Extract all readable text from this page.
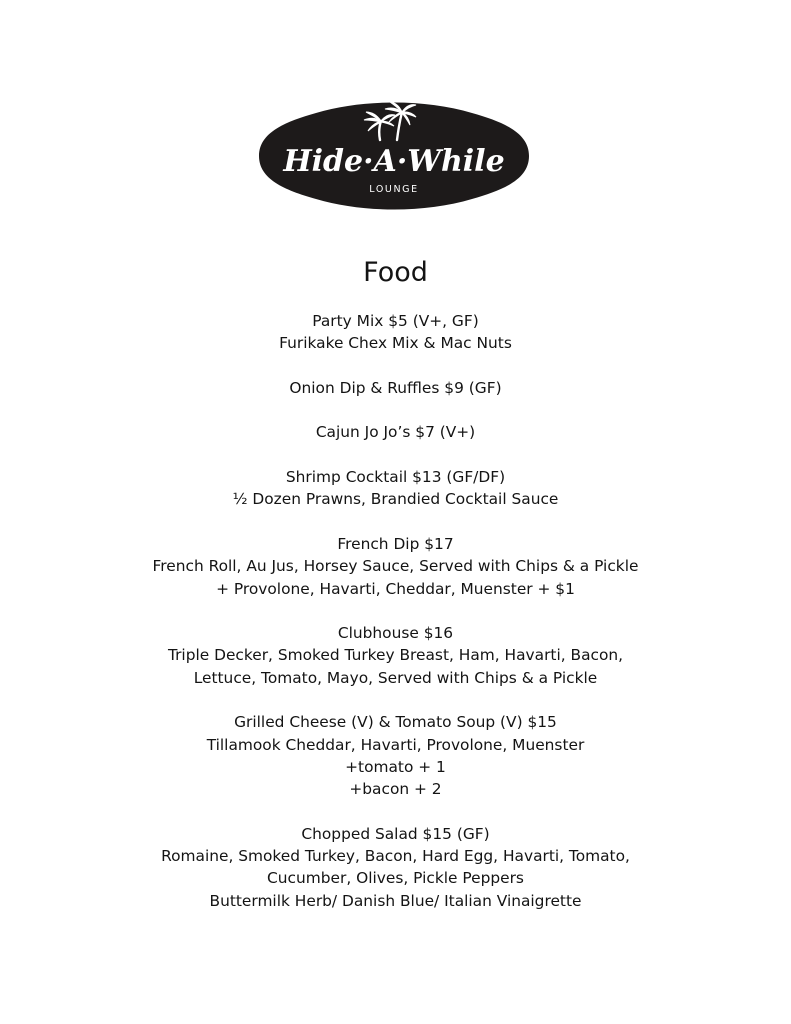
Hide·A·While
LOUNGE
Food
Party Mix $5 (V+, GF)
Furikake Chex Mix & Mac Nuts
Onion Dip & Ruffles $9 (GF)
Cajun Jo Jo’s $7 (V+)
Shrimp Cocktail $13 (GF/DF)
½ Dozen Prawns, Brandied Cocktail Sauce
French Dip $17
French Roll, Au Jus, Horsey Sauce, Served with Chips & a Pickle
+ Provolone, Havarti, Cheddar, Muenster + $1
Clubhouse $16
Triple Decker, Smoked Turkey Breast, Ham, Havarti, Bacon,
Lettuce, Tomato, Mayo, Served with Chips & a Pickle
Grilled Cheese (V) & Tomato Soup (V) $15
Tillamook Cheddar, Havarti, Provolone, Muenster
+tomato + 1
+bacon + 2
Chopped Salad $15 (GF)
Romaine, Smoked Turkey, Bacon, Hard Egg, Havarti, Tomato,
Cucumber, Olives, Pickle Peppers
Buttermilk Herb/ Danish Blue/ Italian Vinaigrette
